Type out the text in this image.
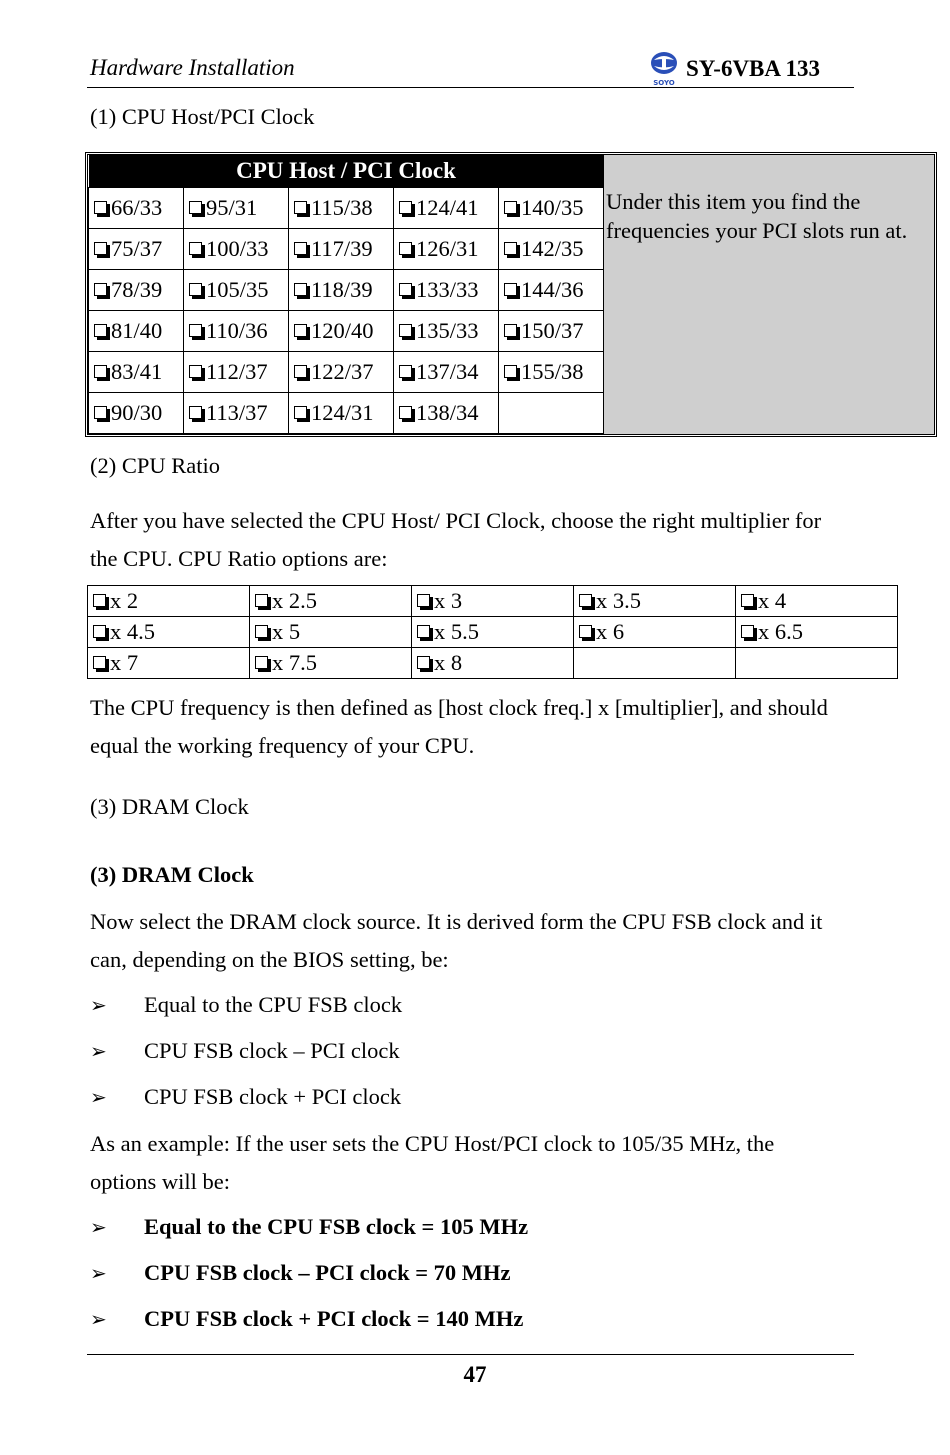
Hardware Installation
SOYO
SY-6VBA 133
(1) CPU Host/PCI Clock
CPU Host / PCI Clock				
66/33	95/31	115/38	124/41	140/35
75/37	100/33	117/39	126/31	142/35
78/39	105/35	118/39	133/33	144/36
81/40	110/36	120/40	135/33	150/37
83/41	112/37	122/37	137/34	155/38
90/30	113/37	124/31	138/34	
Under this item you find the frequencies your PCI slots run at.
(2) CPU Ratio
After you have selected the CPU Host/ PCI Clock, choose the right multiplier for the CPU. CPU Ratio options are:
x 2	x 2.5	x 3	x 3.5	x 4
x 4.5	x 5	x 5.5	x 6	x 6.5
x 7	x 7.5	x 8		
The CPU frequency is then defined as [host clock freq.] x [multiplier], and should equal the working frequency of your CPU.
(3) DRAM Clock
(3) DRAM Clock
Now select the DRAM clock source. It is derived form the CPU FSB clock and it can, depending on the BIOS setting, be:
➢ Equal to the CPU FSB clock
➢ CPU FSB clock – PCI clock
➢ CPU FSB clock + PCI clock
As an example: If the user sets the CPU Host/PCI clock to 105/35 MHz, the options will be:
➢ Equal to the CPU FSB clock = 105 MHz
➢ CPU FSB clock – PCI clock = 70 MHz
➢ CPU FSB clock + PCI clock = 140 MHz
47
